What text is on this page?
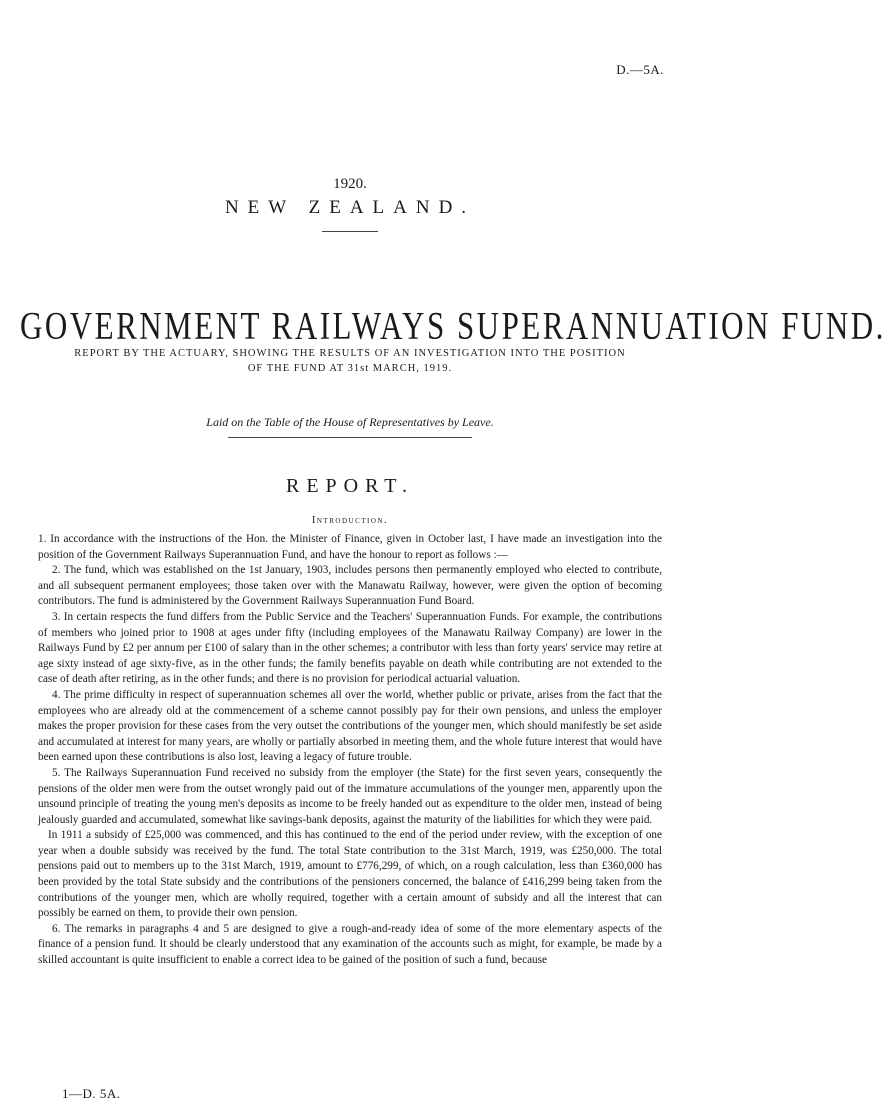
D.—5A.
1920.
NEW ZEALAND.
GOVERNMENT RAILWAYS SUPERANNUATION FUND.
REPORT BY THE ACTUARY, SHOWING THE RESULTS OF AN INVESTIGATION INTO THE POSITION OF THE FUND AT 31st MARCH, 1919.
Laid on the Table of the House of Representatives by Leave.
REPORT.
Introduction.

1. In accordance with the instructions of the Hon. the Minister of Finance, given in October last, I have made an investigation into the position of the Government Railways Superannuation Fund, and have the honour to report as follows :—

2. The fund, which was established on the 1st January, 1903, includes persons then permanently employed who elected to contribute, and all subsequent permanent employees; those taken over with the Manawatu Railway, however, were given the option of becoming contributors. The fund is administered by the Government Railways Superannuation Fund Board.

3. In certain respects the fund differs from the Public Service and the Teachers' Superannuation Funds. For example, the contributions of members who joined prior to 1908 at ages under fifty (including employees of the Manawatu Railway Company) are lower in the Railways Fund by £2 per annum per £100 of salary than in the other schemes; a contributor with less than forty years' service may retire at age sixty instead of age sixty-five, as in the other funds; the family benefits payable on death while contributing are not extended to the case of death after retiring, as in the other funds; and there is no provision for periodical actuarial valuation.

4. The prime difficulty in respect of superannuation schemes all over the world, whether public or private, arises from the fact that the employees who are already old at the commencement of a scheme cannot possibly pay for their own pensions, and unless the employer makes the proper provision for these cases from the very outset the contributions of the younger men, which should manifestly be set aside and accumulated at interest for many years, are wholly or partially absorbed in meeting them, and the whole future interest that would have been earned upon these contributions is also lost, leaving a legacy of future trouble.

5. The Railways Superannuation Fund received no subsidy from the employer (the State) for the first seven years, consequently the pensions of the older men were from the outset wrongly paid out of the immature accumulations of the younger men, apparently upon the unsound principle of treating the young men's deposits as income to be freely handed out as expenditure to the older men, instead of being jealously guarded and accumulated, somewhat like savings-bank deposits, against the maturity of the liabilities for which they were paid.

In 1911 a subsidy of £25,000 was commenced, and this has continued to the end of the period under review, with the exception of one year when a double subsidy was received by the fund. The total State contribution to the 31st March, 1919, was £250,000. The total pensions paid out to members up to the 31st March, 1919, amount to £776,299, of which, on a rough calculation, less than £360,000 has been provided by the total State subsidy and the contributions of the pensioners concerned, the balance of £416,299 being taken from the contributions of the younger men, which are wholly required, together with a certain amount of subsidy and all the interest that can possibly be earned on them, to provide their own pension.

6. The remarks in paragraphs 4 and 5 are designed to give a rough-and-ready idea of some of the more elementary aspects of the finance of a pension fund. It should be clearly understood that any examination of the accounts such as might, for example, be made by a skilled accountant is quite insufficient to enable a correct idea to be gained of the position of such a fund, because

1—D. 5A.
